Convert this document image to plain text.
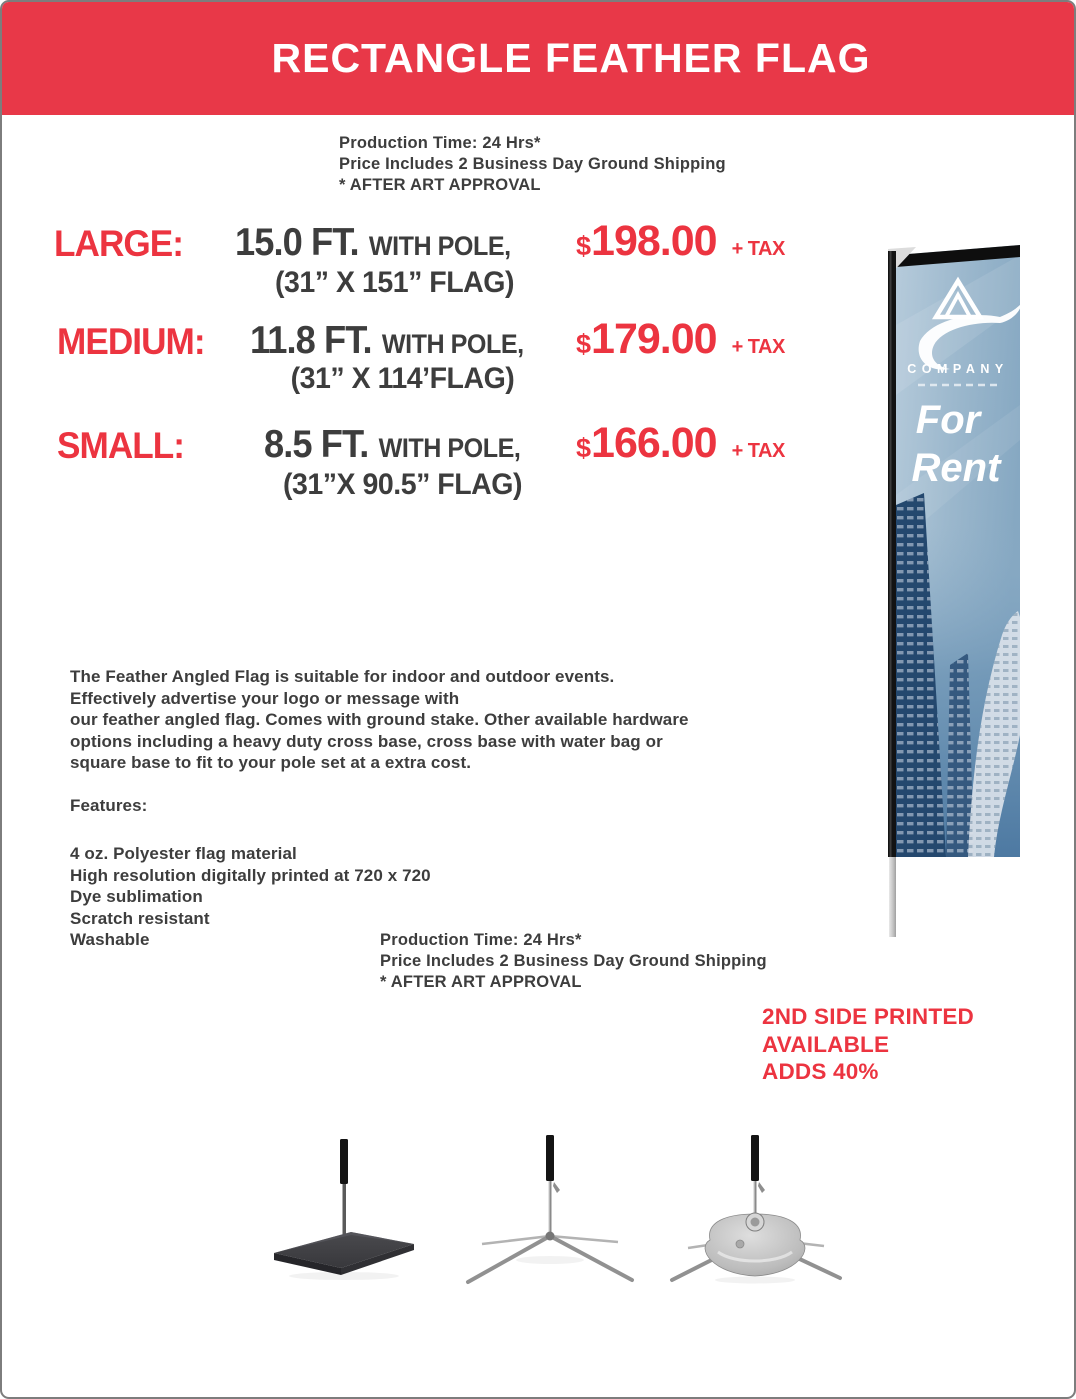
RECTANGLE FEATHER FLAG
Production Time: 24 Hrs*
Price Includes 2 Business Day Ground Shipping
* AFTER ART APPROVAL
LARGE: 15.0 FT. WITH POLE, $ 198.00 + TAX
(31” X 151” FLAG)
MEDIUM: 11.8 FT. WITH POLE, $ 179.00 + TAX
(31” X 114’FLAG)
SMALL: 8.5 FT. WITH POLE, $ 166.00 + TAX
(31”X 90.5” FLAG)
COMPANY
For
Rent
The Feather Angled Flag is suitable for indoor and outdoor events.
Effectively advertise your logo or message with
our feather angled flag. Comes with ground stake. Other available hardware
options including a heavy duty cross base, cross base with water bag or
square base to fit to your pole set at a extra cost.
Features:
4 oz. Polyester flag material
High resolution digitally printed at 720 x 720
Dye sublimation
Scratch resistant
Washable	Production Time: 24 Hrs*
Price Includes 2 Business Day Ground Shipping
* AFTER ART APPROVAL
2ND SIDE PRINTED
AVAILABLE
ADDS 40%
